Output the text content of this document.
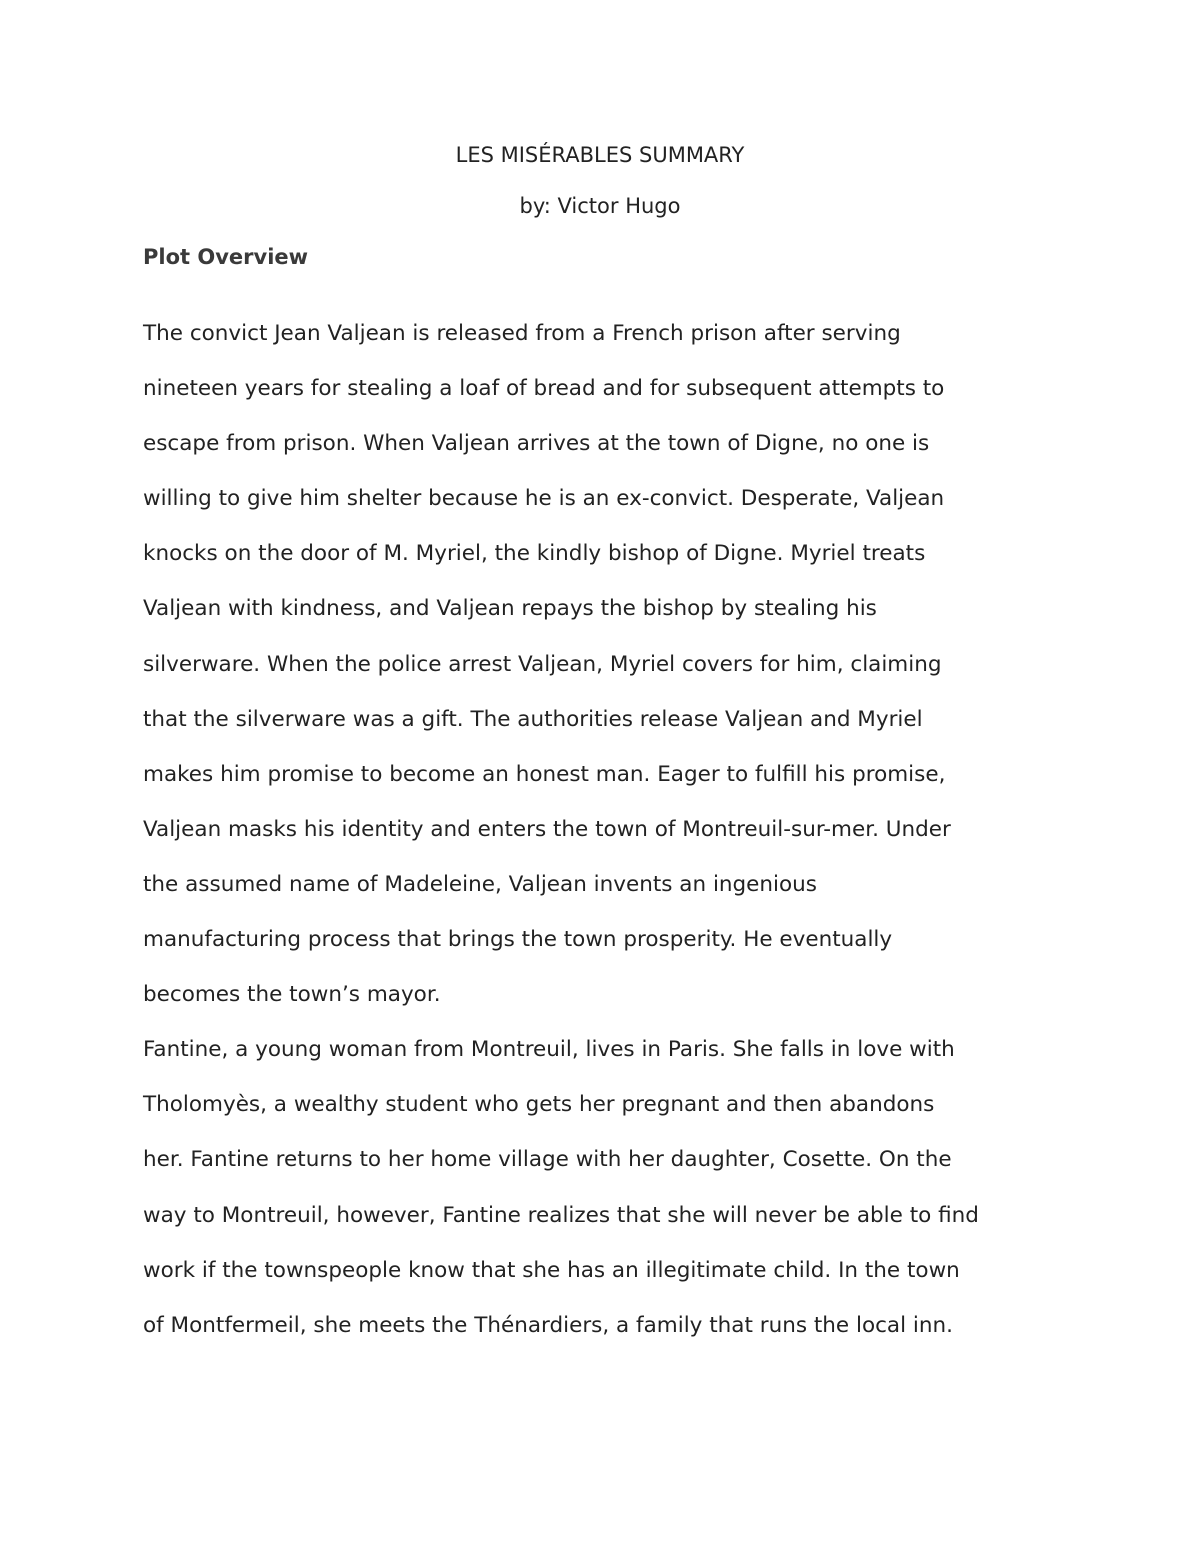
LES MISÉRABLES SUMMARY
by: Victor Hugo
Plot Overview
The convict Jean Valjean is released from a French prison after serving
nineteen years for stealing a loaf of bread and for subsequent attempts to
escape from prison. When Valjean arrives at the town of Digne, no one is
willing to give him shelter because he is an ex-convict. Desperate, Valjean
knocks on the door of M. Myriel, the kindly bishop of Digne. Myriel treats
Valjean with kindness, and Valjean repays the bishop by stealing his
silverware. When the police arrest Valjean, Myriel covers for him, claiming
that the silverware was a gift. The authorities release Valjean and Myriel
makes him promise to become an honest man. Eager to fulfill his promise,
Valjean masks his identity and enters the town of Montreuil-sur-mer. Under
the assumed name of Madeleine, Valjean invents an ingenious
manufacturing process that brings the town prosperity. He eventually
becomes the town’s mayor.
Fantine, a young woman from Montreuil, lives in Paris. She falls in love with
Tholomyès, a wealthy student who gets her pregnant and then abandons
her. Fantine returns to her home village with her daughter, Cosette. On the
way to Montreuil, however, Fantine realizes that she will never be able to find
work if the townspeople know that she has an illegitimate child. In the town
of Montfermeil, she meets the Thénardiers, a family that runs the local inn.
